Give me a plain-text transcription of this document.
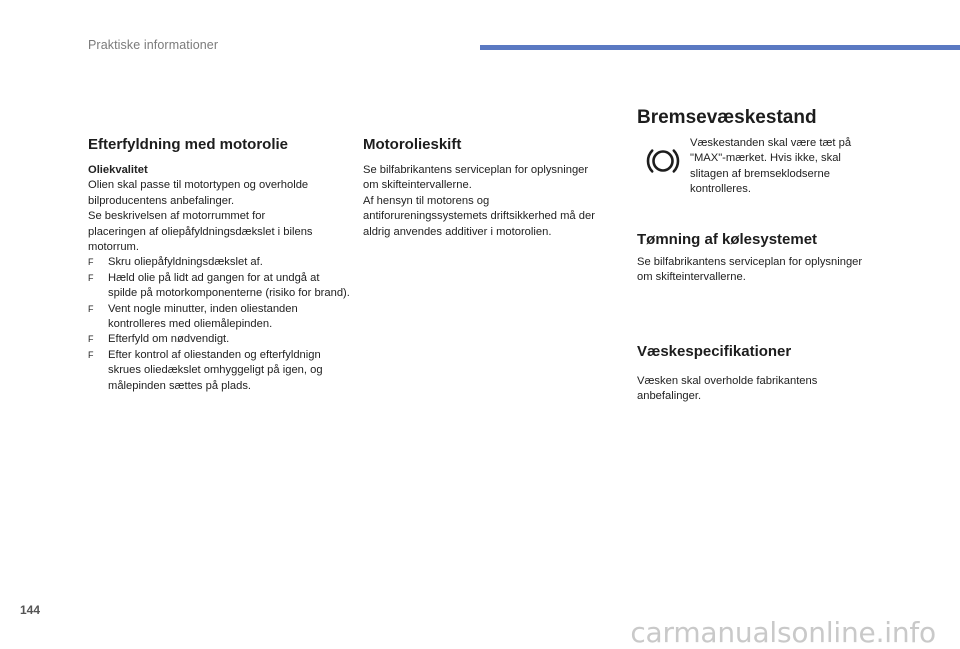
Praktiske informationer
Efterfyldning med motorolie
Oliekvalitet
Olien skal passe til motortypen og overholde
bilproducentens anbefalinger.
Se beskrivelsen af motorrummet for
placeringen af oliepåfyldningsdækslet i bilens
motorrum.
F Skru oliepåfyldningsdækslet af.
F Hæld olie på lidt ad gangen for at undgå at spilde på motorkomponenterne (risiko for brand).
F Vent nogle minutter, inden oliestanden kontrolleres med oliemålepinden.
F Efterfyld om nødvendigt.
F Efter kontrol af oliestanden og efterfyldnign skrues oliedækslet omhyggeligt på igen, og målepinden sættes på plads.
Motorolieskift
Se bilfabrikantens serviceplan for oplysninger
om skifteintervallerne.
Af hensyn til motorens og
antiforureningssystemets driftsikkerhed må der
aldrig anvendes additiver i motorolien.
Bremsevæskestand
Væskestanden skal være tæt på
"MAX"-mærket. Hvis ikke, skal
slitagen af bremseklodserne
kontrolleres.
Tømning af kølesystemet
Se bilfabrikantens serviceplan for oplysninger
om skifteintervallerne.
Væskespecifikationer
Væsken skal overholde fabrikantens
anbefalinger.
144
carmanualsonline.info
